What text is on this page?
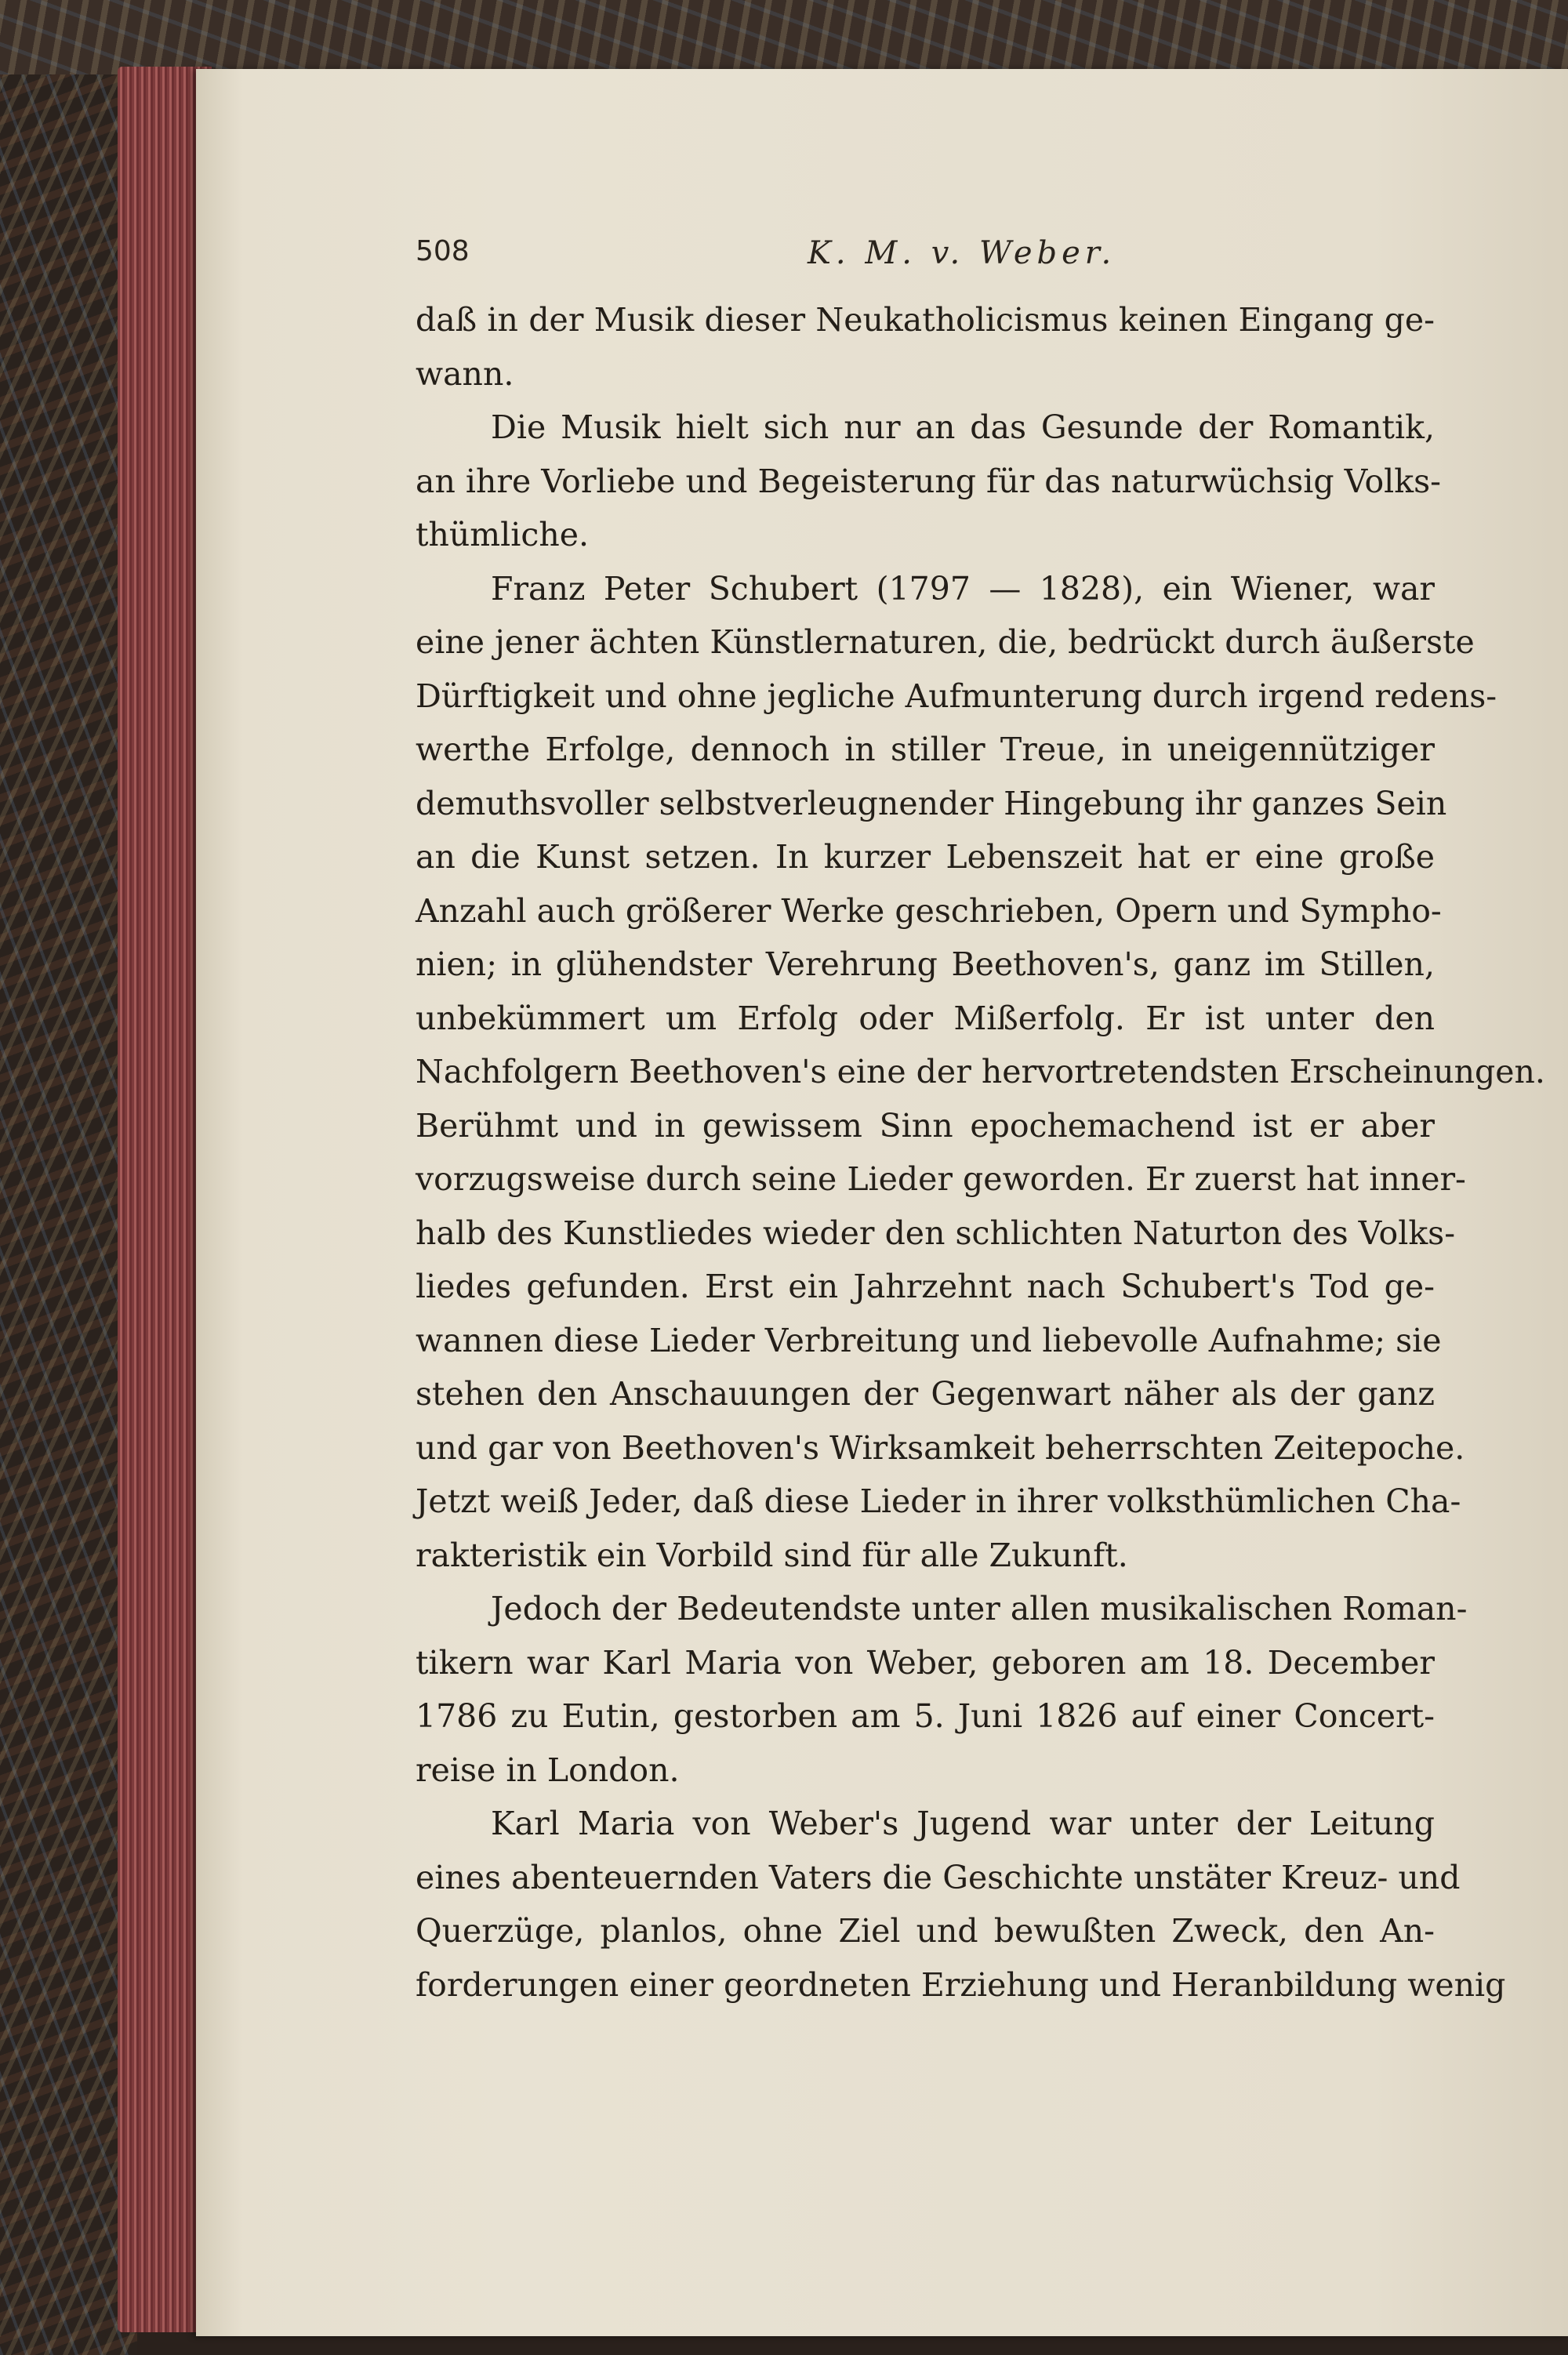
508	K. M. v. Weber.
daß in der Musik dieser Neukatholicismus keinen Eingang ge-
wann.
Die Musik hielt sich nur an das Gesunde der Romantik,
an ihre Vorliebe und Begeisterung für das naturwüchsig Volks-
thümliche.
Franz Peter Schubert (1797 — 1828), ein Wiener, war
eine jener ächten Künstlernaturen, die, bedrückt durch äußerste
Dürftigkeit und ohne jegliche Aufmunterung durch irgend redens-
werthe Erfolge, dennoch in stiller Treue, in uneigennütziger
demuthsvoller selbstverleugnender Hingebung ihr ganzes Sein
an die Kunst setzen. In kurzer Lebenszeit hat er eine große
Anzahl auch größerer Werke geschrieben, Opern und Sympho-
nien; in glühendster Verehrung Beethoven's, ganz im Stillen,
unbekümmert um Erfolg oder Mißerfolg. Er ist unter den
Nachfolgern Beethoven's eine der hervortretendsten Erscheinungen.
Berühmt und in gewissem Sinn epochemachend ist er aber
vorzugsweise durch seine Lieder geworden. Er zuerst hat inner-
halb des Kunstliedes wieder den schlichten Naturton des Volks-
liedes gefunden. Erst ein Jahrzehnt nach Schubert's Tod ge-
wannen diese Lieder Verbreitung und liebevolle Aufnahme; sie
stehen den Anschauungen der Gegenwart näher als der ganz
und gar von Beethoven's Wirksamkeit beherrschten Zeitepoche.
Jetzt weiß Jeder, daß diese Lieder in ihrer volksthümlichen Cha-
rakteristik ein Vorbild sind für alle Zukunft.
Jedoch der Bedeutendste unter allen musikalischen Roman-
tikern war Karl Maria von Weber, geboren am 18. December
1786 zu Eutin, gestorben am 5. Juni 1826 auf einer Concert-
reise in London.
Karl Maria von Weber's Jugend war unter der Leitung
eines abenteuernden Vaters die Geschichte unstäter Kreuz- und
Querzüge, planlos, ohne Ziel und bewußten Zweck, den An-
forderungen einer geordneten Erziehung und Heranbildung wenig
